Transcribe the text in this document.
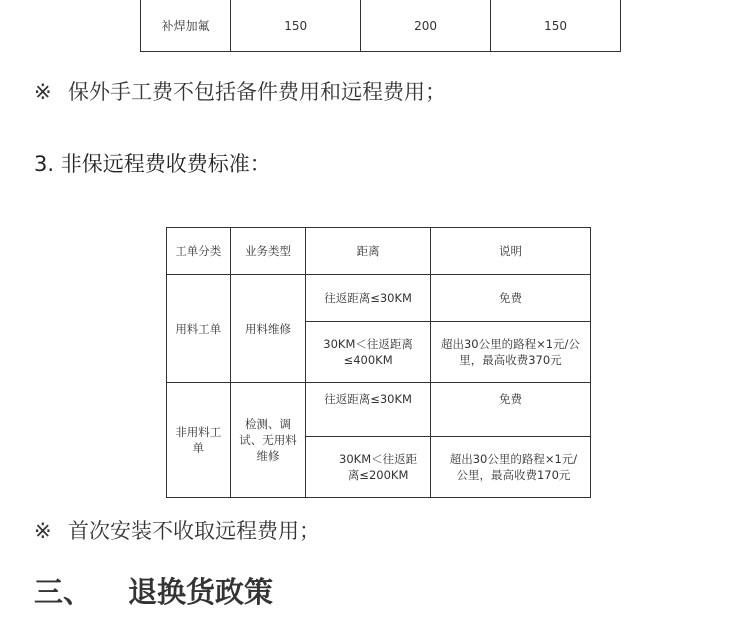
补焊加氟	150	200	150
※ 保外手工费不包括备件费用和远程费用；
3. 非保远程费收费标准：
工单分类	业务类型	距离	说明
用料工单	用料维修	往返距离≤30KM	免费
		30KM＜往返距离≤400KM	超出30公里的路程×1元/公里，最高收费370元
非用料工单	检测、调试、无用料维修	往返距离≤30KM	免费
		30KM＜往返距离≤200KM	超出30公里的路程×1元/公里，最高收费170元
※ 首次安装不收取远程费用；
三、 退换货政策
